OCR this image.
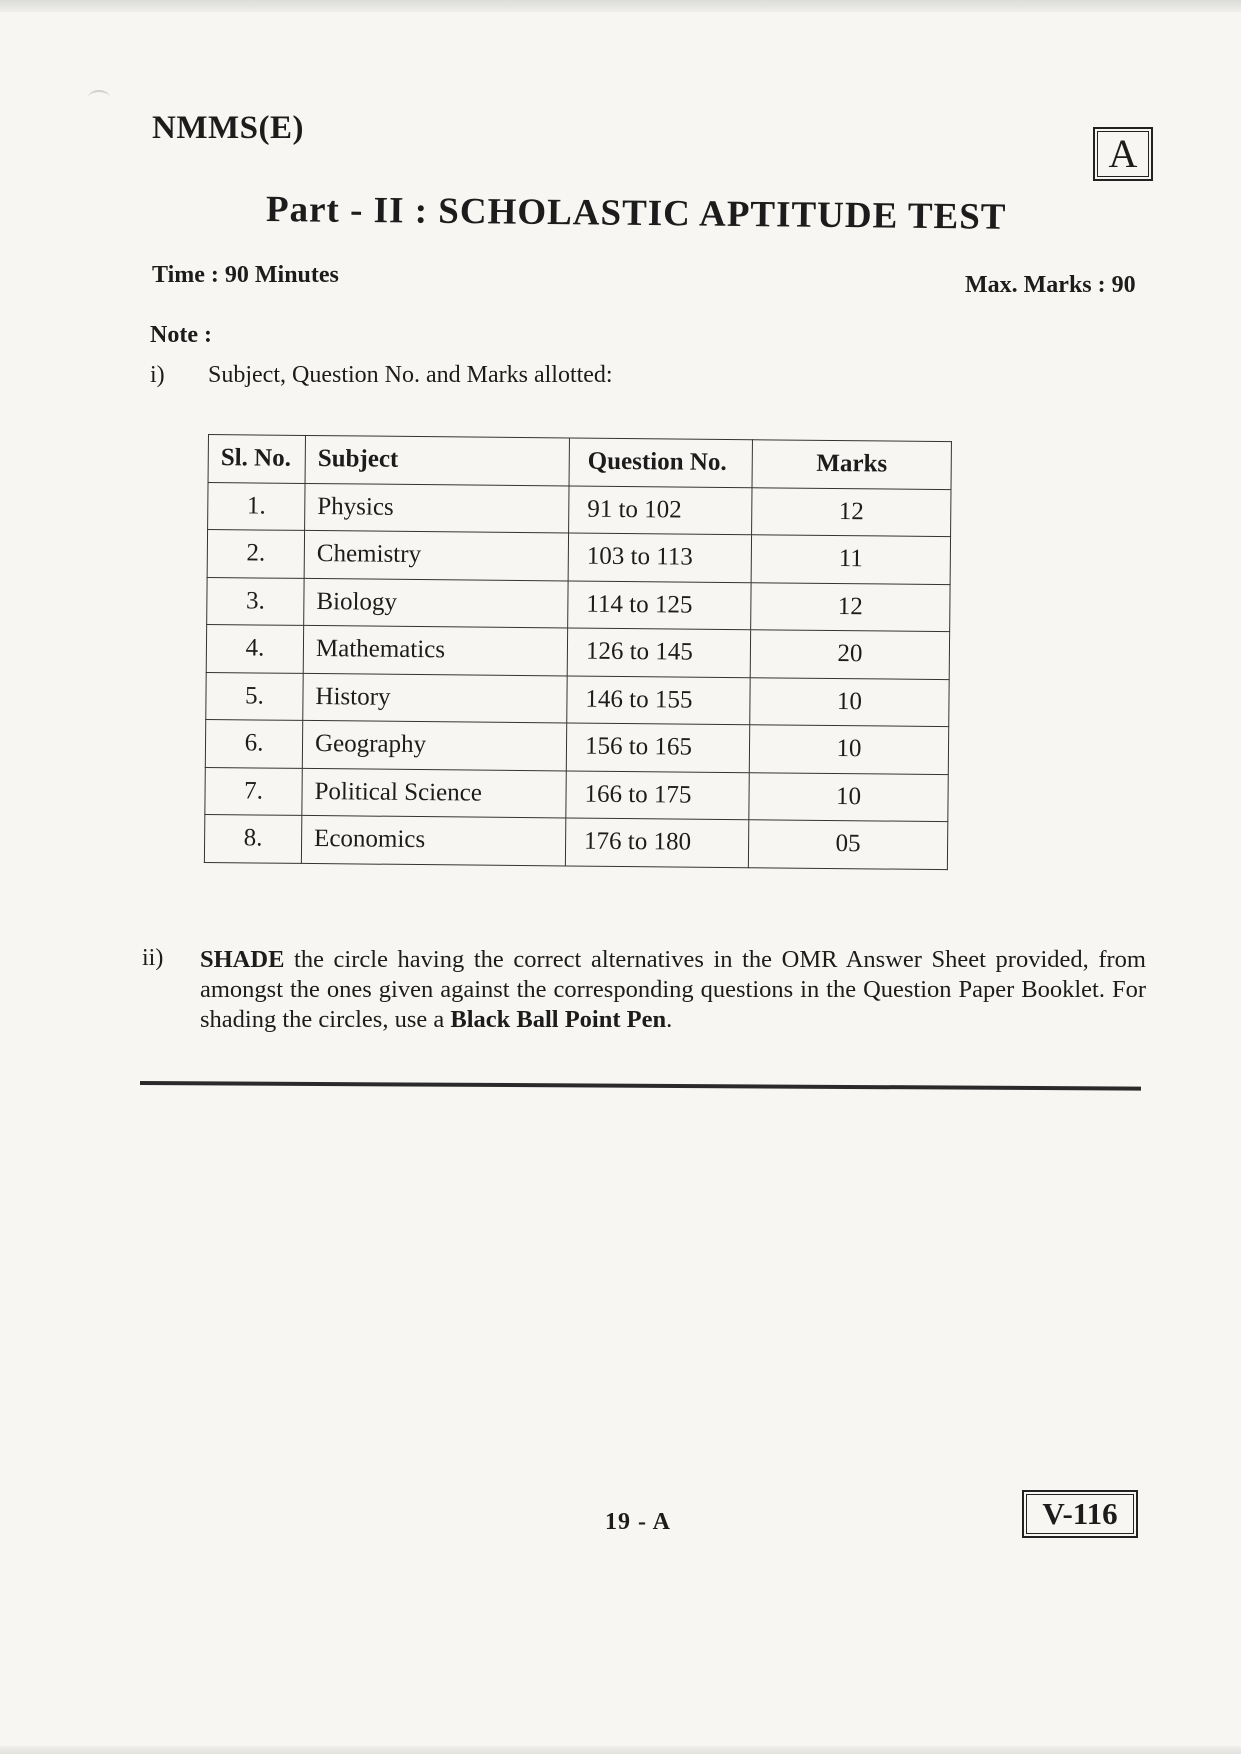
NMMS(E)
A
Part - II : SCHOLASTIC APTITUDE TEST
Time : 90 Minutes	Max. Marks : 90
Note :
i) Subject, Question No. and Marks allotted:
Sl. No.	Subject	Question No.	Marks
1.	Physics	91 to 102	12
2.	Chemistry	103 to 113	11
3.	Biology	114 to 125	12
4.	Mathematics	126 to 145	20
5.	History	146 to 155	10
6.	Geography	156 to 165	10
7.	Political Science	166 to 175	10
8.	Economics	176 to 180	05
ii) SHADE the circle having the correct alternatives in the OMR Answer Sheet provided, from amongst the ones given against the corresponding questions in the Question Paper Booklet. For shading the circles, use a Black Ball Point Pen.
19 - A	V-116
